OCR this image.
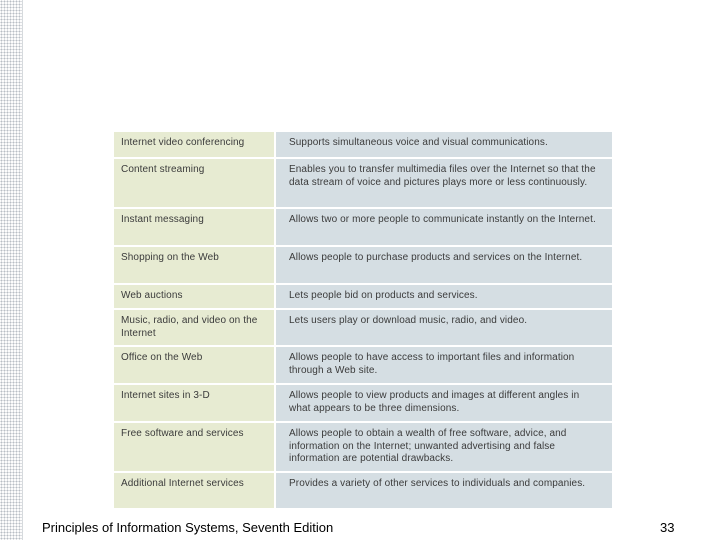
Internet video conferencing	Supports simultaneous voice and visual communications.
Content streaming	Enables you to transfer multimedia files over the Internet so that the data stream of voice and pictures plays more or less continuously.
Instant messaging	Allows two or more people to communicate instantly on the Internet.
Shopping on the Web	Allows people to purchase products and services on the Internet.
Web auctions	Lets people bid on products and services.
Music, radio, and video on the Internet	Lets users play or download music, radio, and video.
Office on the Web	Allows people to have access to important files and information through a Web site.
Internet sites in 3-D	Allows people to view products and images at different angles in what appears to be three dimensions.
Free software and services	Allows people to obtain a wealth of free software, advice, and information on the Internet; unwanted advertising and false information are potential drawbacks.
Additional Internet services	Provides a variety of other services to individuals and companies.
Principles of Information Systems, Seventh Edition	33
